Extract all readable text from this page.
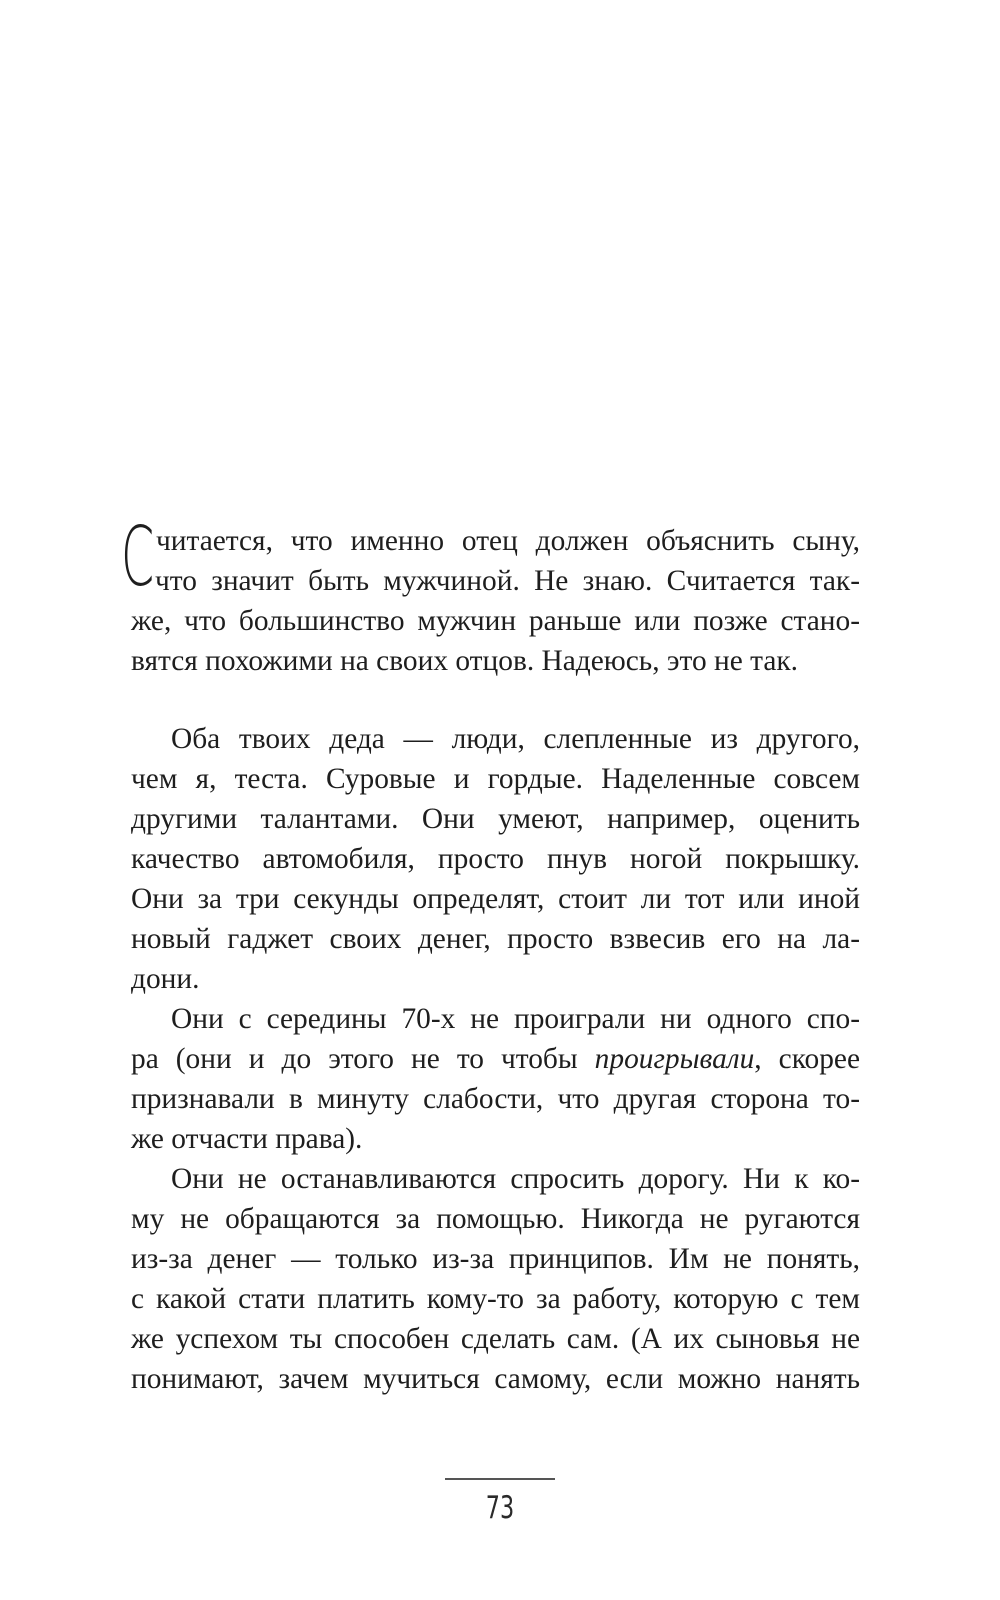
С читается, что именно отец должен объяснить сыну,
что значит быть мужчиной. Не знаю. Считается так-
же, что большинство мужчин раньше или позже стано-
вятся похожими на своих отцов. Надеюсь, это не так.
Оба твоих деда — люди, слепленные из другого,
чем я, теста. Суровые и гордые. Наделенные совсем
другими талантами. Они умеют, например, оценить
качество автомобиля, просто пнув ногой покрышку.
Они за три секунды определят, стоит ли тот или иной
новый гаджет своих денег, просто взвесив его на ла-
дони.
Они с середины 70-х не проиграли ни одного спо-
ра (они и до этого не то чтобы проигрывали, скорее
признавали в минуту слабости, что другая сторона то-
же отчасти права).
Они не останавливаются спросить дорогу. Ни к ко-
му не обращаются за помощью. Никогда не ругаются
из-за денег — только из-за принципов. Им не понять,
с какой стати платить кому-то за работу, которую с тем
же успехом ты способен сделать сам. (А их сыновья не
понимают, зачем мучиться самому, если можно нанять
73
